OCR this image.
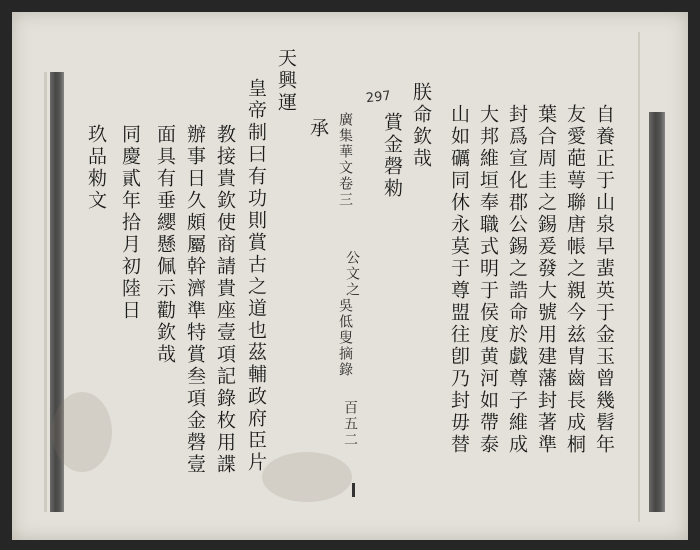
自養正于山泉早蜚英于金玉曾幾髫年
友愛葩萼聯唐帳之親今兹胄齒長成桐
葉合周圭之錫爰發大號用建藩封著準
封爲宣化郡公錫之誥命於戯尊子維成
大邦維垣奉職式明于侯度黄河如帶泰
山如礪同休永莫于尊盟往卽乃封毋替
朕命欽哉
賞金磬勑
297
廣集華文卷三
公文之
吳低叟摘錄
百五二
承
天興運
皇帝制曰有功則賞古之道也茲輔政府臣片
教接貴欽使商請貴座壹項記錄枚用諜
辦事日久頗屬幹濟準特賞叁項金磬壹
面具有垂纓懸佩示勸欽哉
同慶貳年拾月初陸日
玖品勑文
